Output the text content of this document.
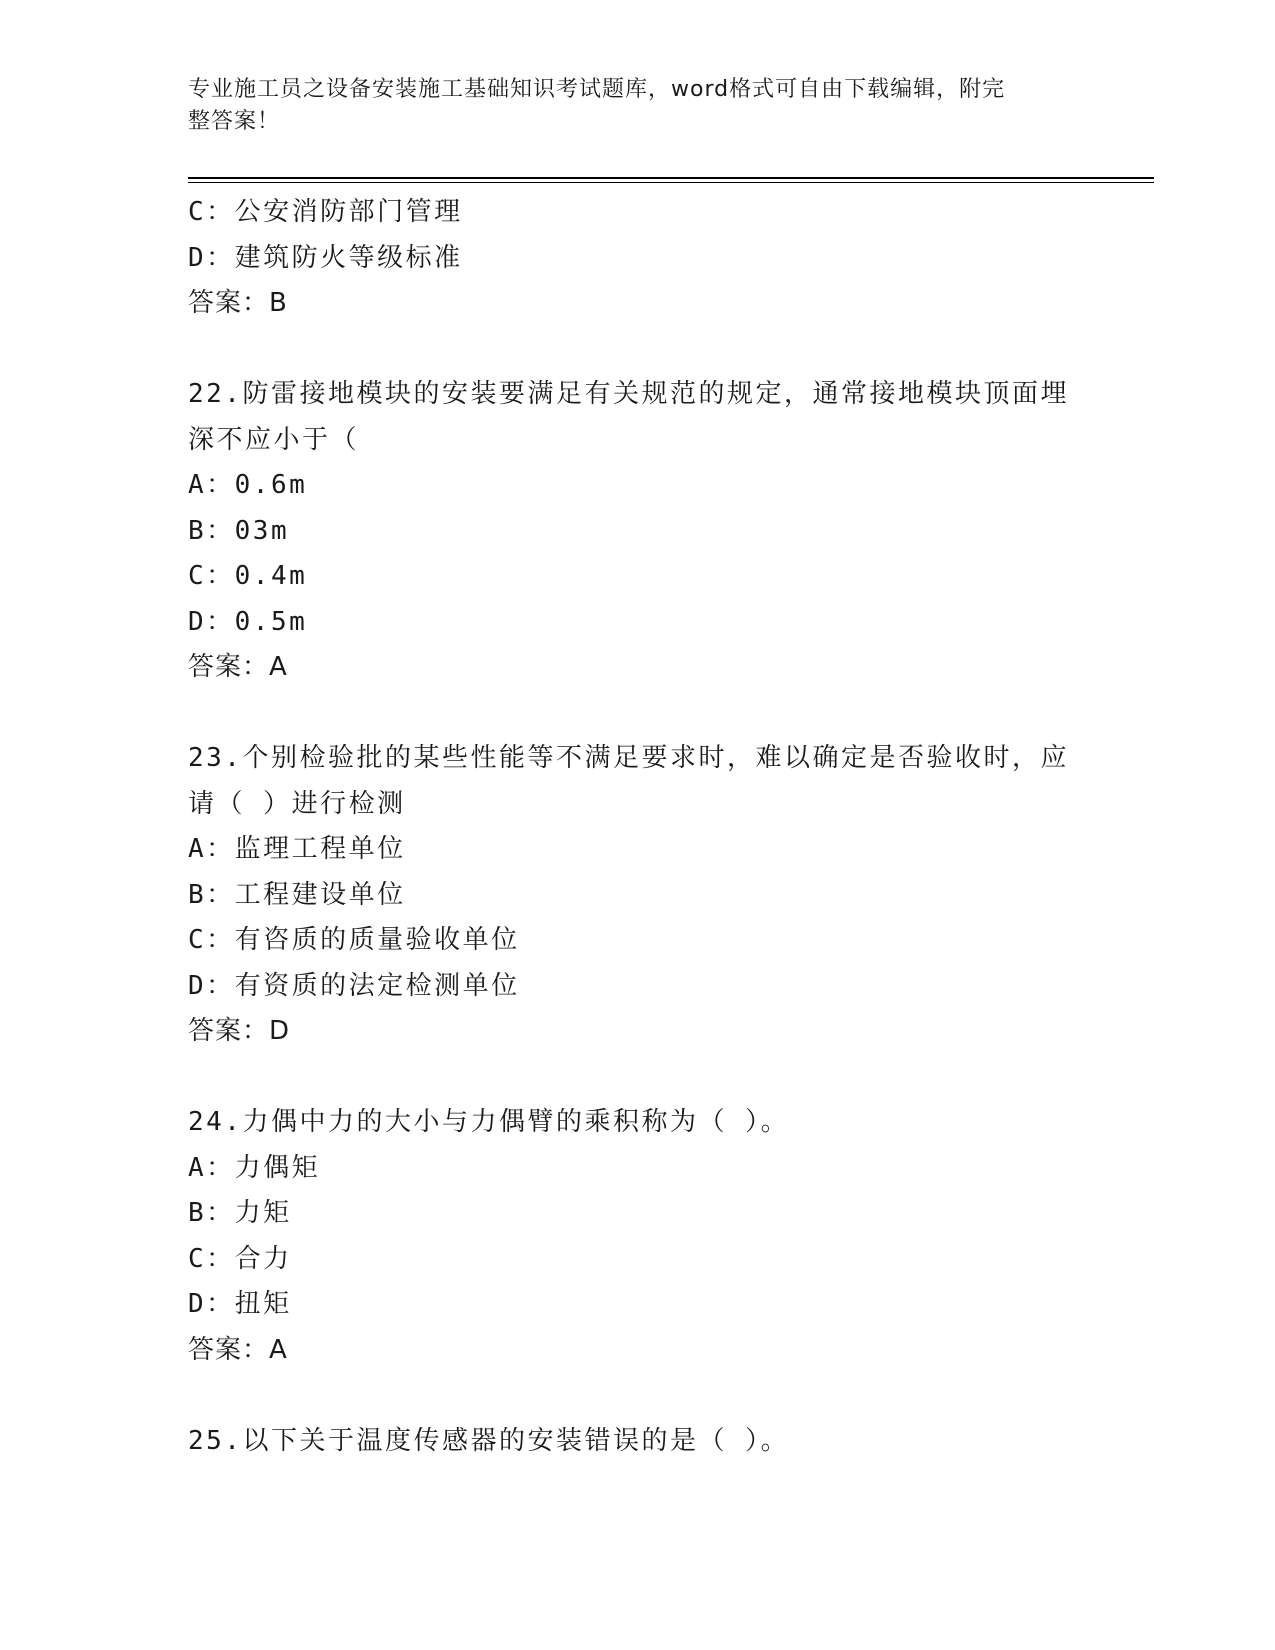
专业施工员之设备安装施工基础知识考试题库，word格式可自由下载编辑，附完
整答案！
C：公安消防部门管理
D：建筑防火等级标准
答案：B
22.防雷接地模块的安装要满足有关规范的规定，通常接地模块顶面埋
深不应小于（
A：0.6m
B：03m
C：0.4m
D：0.5m
答案：A
23.个别检验批的某些性能等不满足要求时，难以确定是否验收时，应
请（ ）进行检测
A：监理工程单位
B：工程建设单位
C：有咨质的质量验收单位
D：有资质的法定检测单位
答案：D
24.力偶中力的大小与力偶臂的乘积称为（ ）。
A：力偶矩
B：力矩
C：合力
D：扭矩
答案：A
25.以下关于温度传感器的安装错误的是（ ）。
